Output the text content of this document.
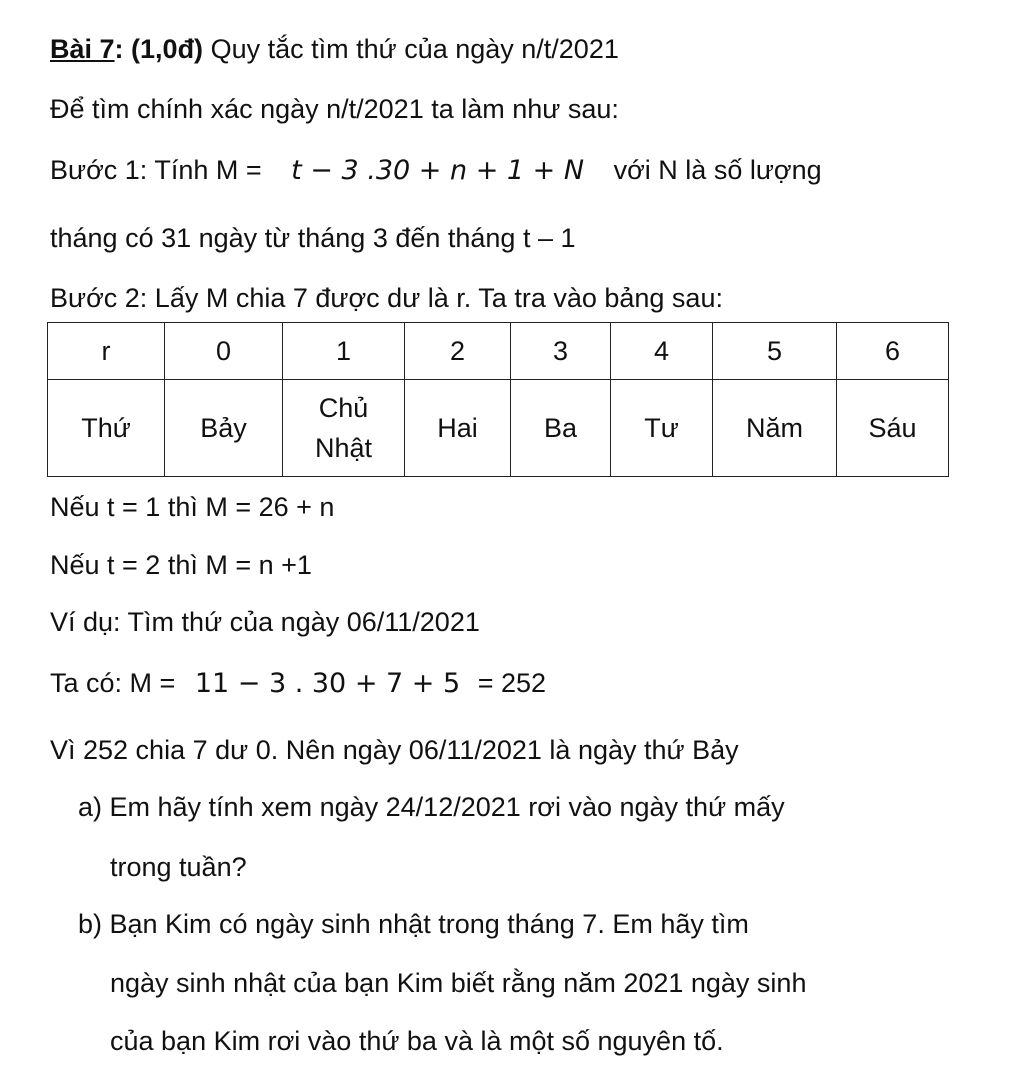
Bài 7: (1,0đ) Quy tắc tìm thứ của ngày n/t/2021
Để tìm chính xác ngày n/t/2021 ta làm như sau:
Bước 1: Tính M = t − 3 .30 + n + 1 + N với N là số lượng
tháng có 31 ngày từ tháng 3 đến tháng t – 1
Bước 2: Lấy M chia 7 được dư là r. Ta tra vào bảng sau:
r	0	1	2	3	4	5	6
Thứ	Bảy	Chủ Nhật	Hai	Ba	Tư	Năm	Sáu
Nếu t = 1 thì M = 26 + n
Nếu t = 2 thì M = n +1
Ví dụ: Tìm thứ của ngày 06/11/2021
Ta có: M = 11 − 3 . 30 + 7 + 5 = 252
Vì 252 chia 7 dư 0. Nên ngày 06/11/2021 là ngày thứ Bảy
a) Em hãy tính xem ngày 24/12/2021 rơi vào ngày thứ mấy
trong tuần?
b) Bạn Kim có ngày sinh nhật trong tháng 7. Em hãy tìm
ngày sinh nhật của bạn Kim biết rằng năm 2021 ngày sinh
của bạn Kim rơi vào thứ ba và là một số nguyên tố.
